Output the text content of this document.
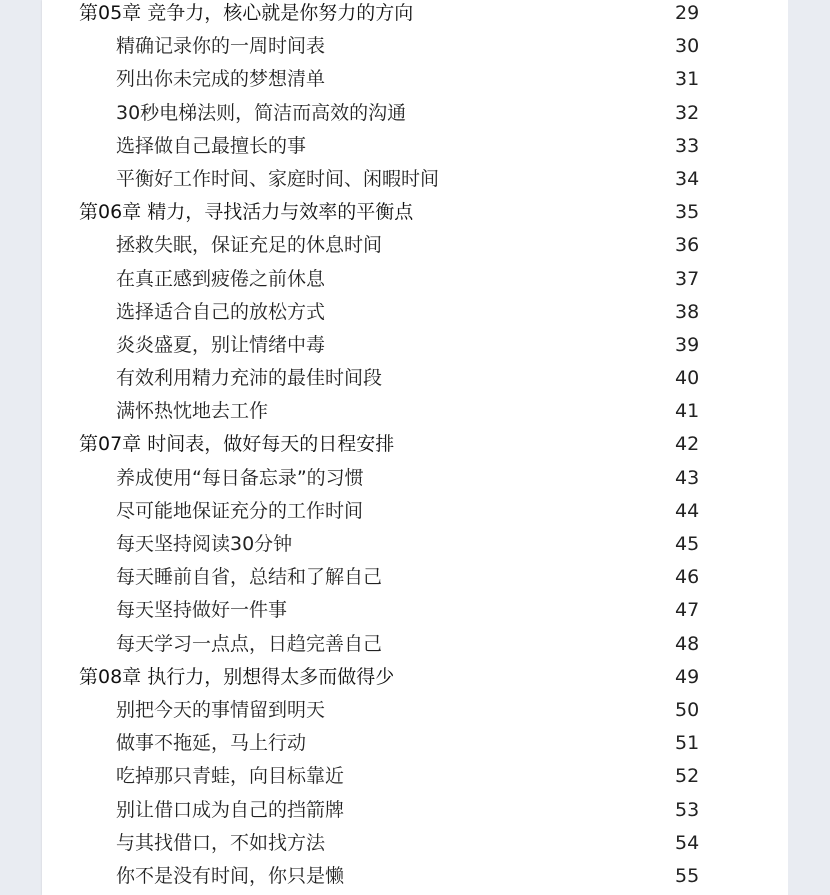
第05章 竞争力，核心就是你努力的方向	29
精确记录你的一周时间表	30
列出你未完成的梦想清单	31
30秒电梯法则，简洁而高效的沟通	32
选择做自己最擅长的事	33
平衡好工作时间、家庭时间、闲暇时间	34
第06章 精力，寻找活力与效率的平衡点	35
拯救失眠，保证充足的休息时间	36
在真正感到疲倦之前休息	37
选择适合自己的放松方式	38
炎炎盛夏，别让情绪中毒	39
有效利用精力充沛的最佳时间段	40
满怀热忱地去工作	41
第07章 时间表，做好每天的日程安排	42
养成使用“每日备忘录”的习惯	43
尽可能地保证充分的工作时间	44
每天坚持阅读30分钟	45
每天睡前自省，总结和了解自己	46
每天坚持做好一件事	47
每天学习一点点，日趋完善自己	48
第08章 执行力，别想得太多而做得少	49
别把今天的事情留到明天	50
做事不拖延，马上行动	51
吃掉那只青蛙，向目标靠近	52
别让借口成为自己的挡箭牌	53
与其找借口，不如找方法	54
你不是没有时间，你只是懒	55
